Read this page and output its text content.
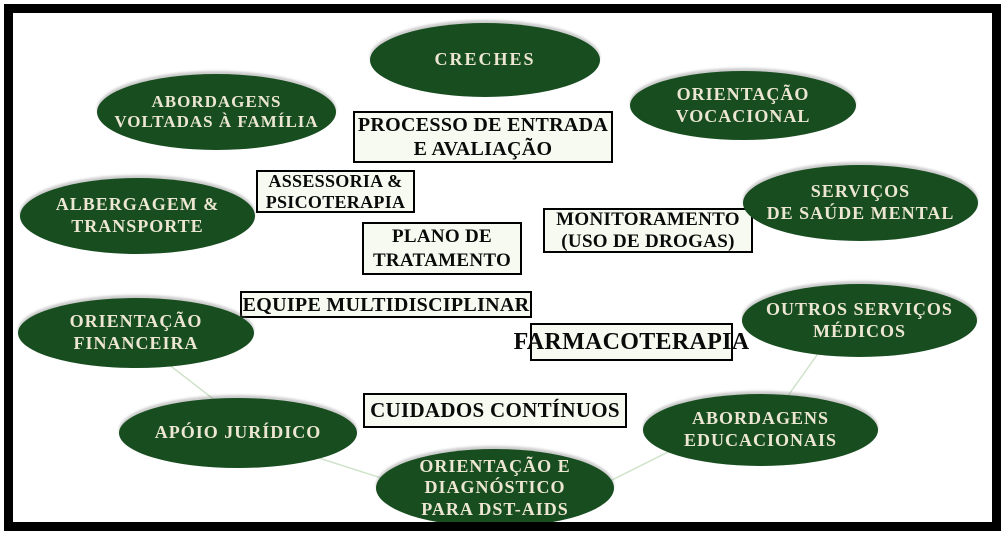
PROCESSO DE ENTRADA
E AVALIAÇÃO
ASSESSORIA &
PSICOTERAPIA
MONITORAMENTO
(USO DE DROGAS)
PLANO DE
TRATAMENTO
EQUIPE MULTIDISCIPLINAR
FARMACOTERAPIA
CUIDADOS CONTÍNUOS
CRECHES
ABORDAGENS
VOLTADAS À FAMÍLIA
ORIENTAÇÃO
VOCACIONAL
ALBERGAGEM &
TRANSPORTE
SERVIÇOS
DE SAÚDE MENTAL
ORIENTAÇÃO
FINANCEIRA
OUTROS SERVIÇOS
MÉDICOS
APÓIO JURÍDICO
ABORDAGENS
EDUCACIONAIS
ORIENTAÇÃO E
DIAGNÓSTICO
PARA DST-AIDS
